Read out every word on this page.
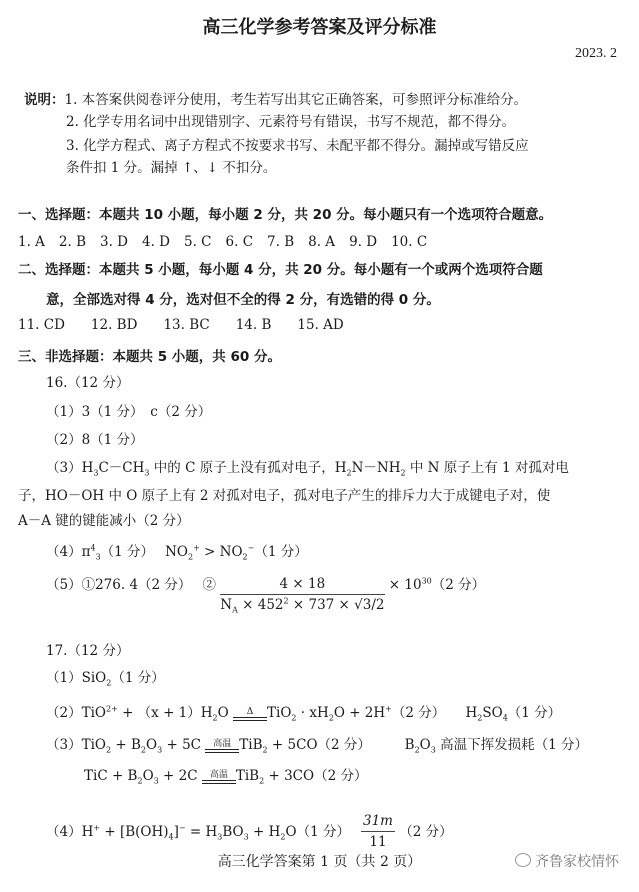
高三化学参考答案及评分标准
2023. 2
说明：1. 本答案供阅卷评分使用，考生若写出其它正确答案，可参照评分标准给分。
2. 化学专用名词中出现错别字、元素符号有错误，书写不规范，都不得分。
3. 化学方程式、离子方程式不按要求书写、未配平都不得分。漏掉或写错反应
条件扣 1 分。漏掉 ↑、↓ 不扣分。
一、选择题：本题共 10 小题，每小题 2 分，共 20 分。每小题只有一个选项符合题意。
1. A 2. B 3. D 4. D 5. C 6. C 7. B 8. A 9. D 10. C
二、选择题：本题共 5 小题，每小题 4 分，共 20 分。每小题有一个或两个选项符合题
意，全部选对得 4 分，选对但不全的得 2 分，有选错的得 0 分。
11. CD 12. BD 13. BC 14. B 15. AD
三、非选择题：本题共 5 小题，共 60 分。
16.（12 分）
（1）3（1 分）　c（2 分）
（2）8（1 分）
$(3)H_3C-CH_3$ 中的 C 原子上没有孤对电子，$H_2N-NH_2$ 中 N 原子上有 1 对孤对电
子，HO－OH 中 O 原子上有 2 对孤对电子，孤对电子产生的排斥力大于成键电子对，使
A－A 键的键能减小（2 分）
$(4)\pi^4_3(1$ 分）　 $NO_2^+ > NO_2^-(1$ 分）
（5）①276. 4（2 分）　 ② $\frac{4 \times 18}{N_A \times 452^2 \times 737 \times √3/2} \times 10^{30}(2$ 分）
17.（12 分）
（1）SiO$_2$（1 分）
$(2)TiO^{2+} + (x + 1)H_2O$	Δ	$TiO_2 \cdot xH_2O + 2H^+(2$ 分）　　$H_2SO_4(1$ 分）
$(3)TiO_2 + B_2O_3 + 5C$ 高温 TiB$_2$ + 5CO（2 分）　　　$B_2O_3$ 高温下挥发损耗（1 分）
TiC + $B_2O_3 + 2C$ 高温 TiB$_2$ + 3CO（2 分）
$(4)H^+ + [B(OH)_4]^- = H_3BO_3 + H_2O(1$ 分）　 $\frac{31m}{11} (2$ 分）
高三化学答案第 1 页（共 2 页）	齐鲁家校情怀
